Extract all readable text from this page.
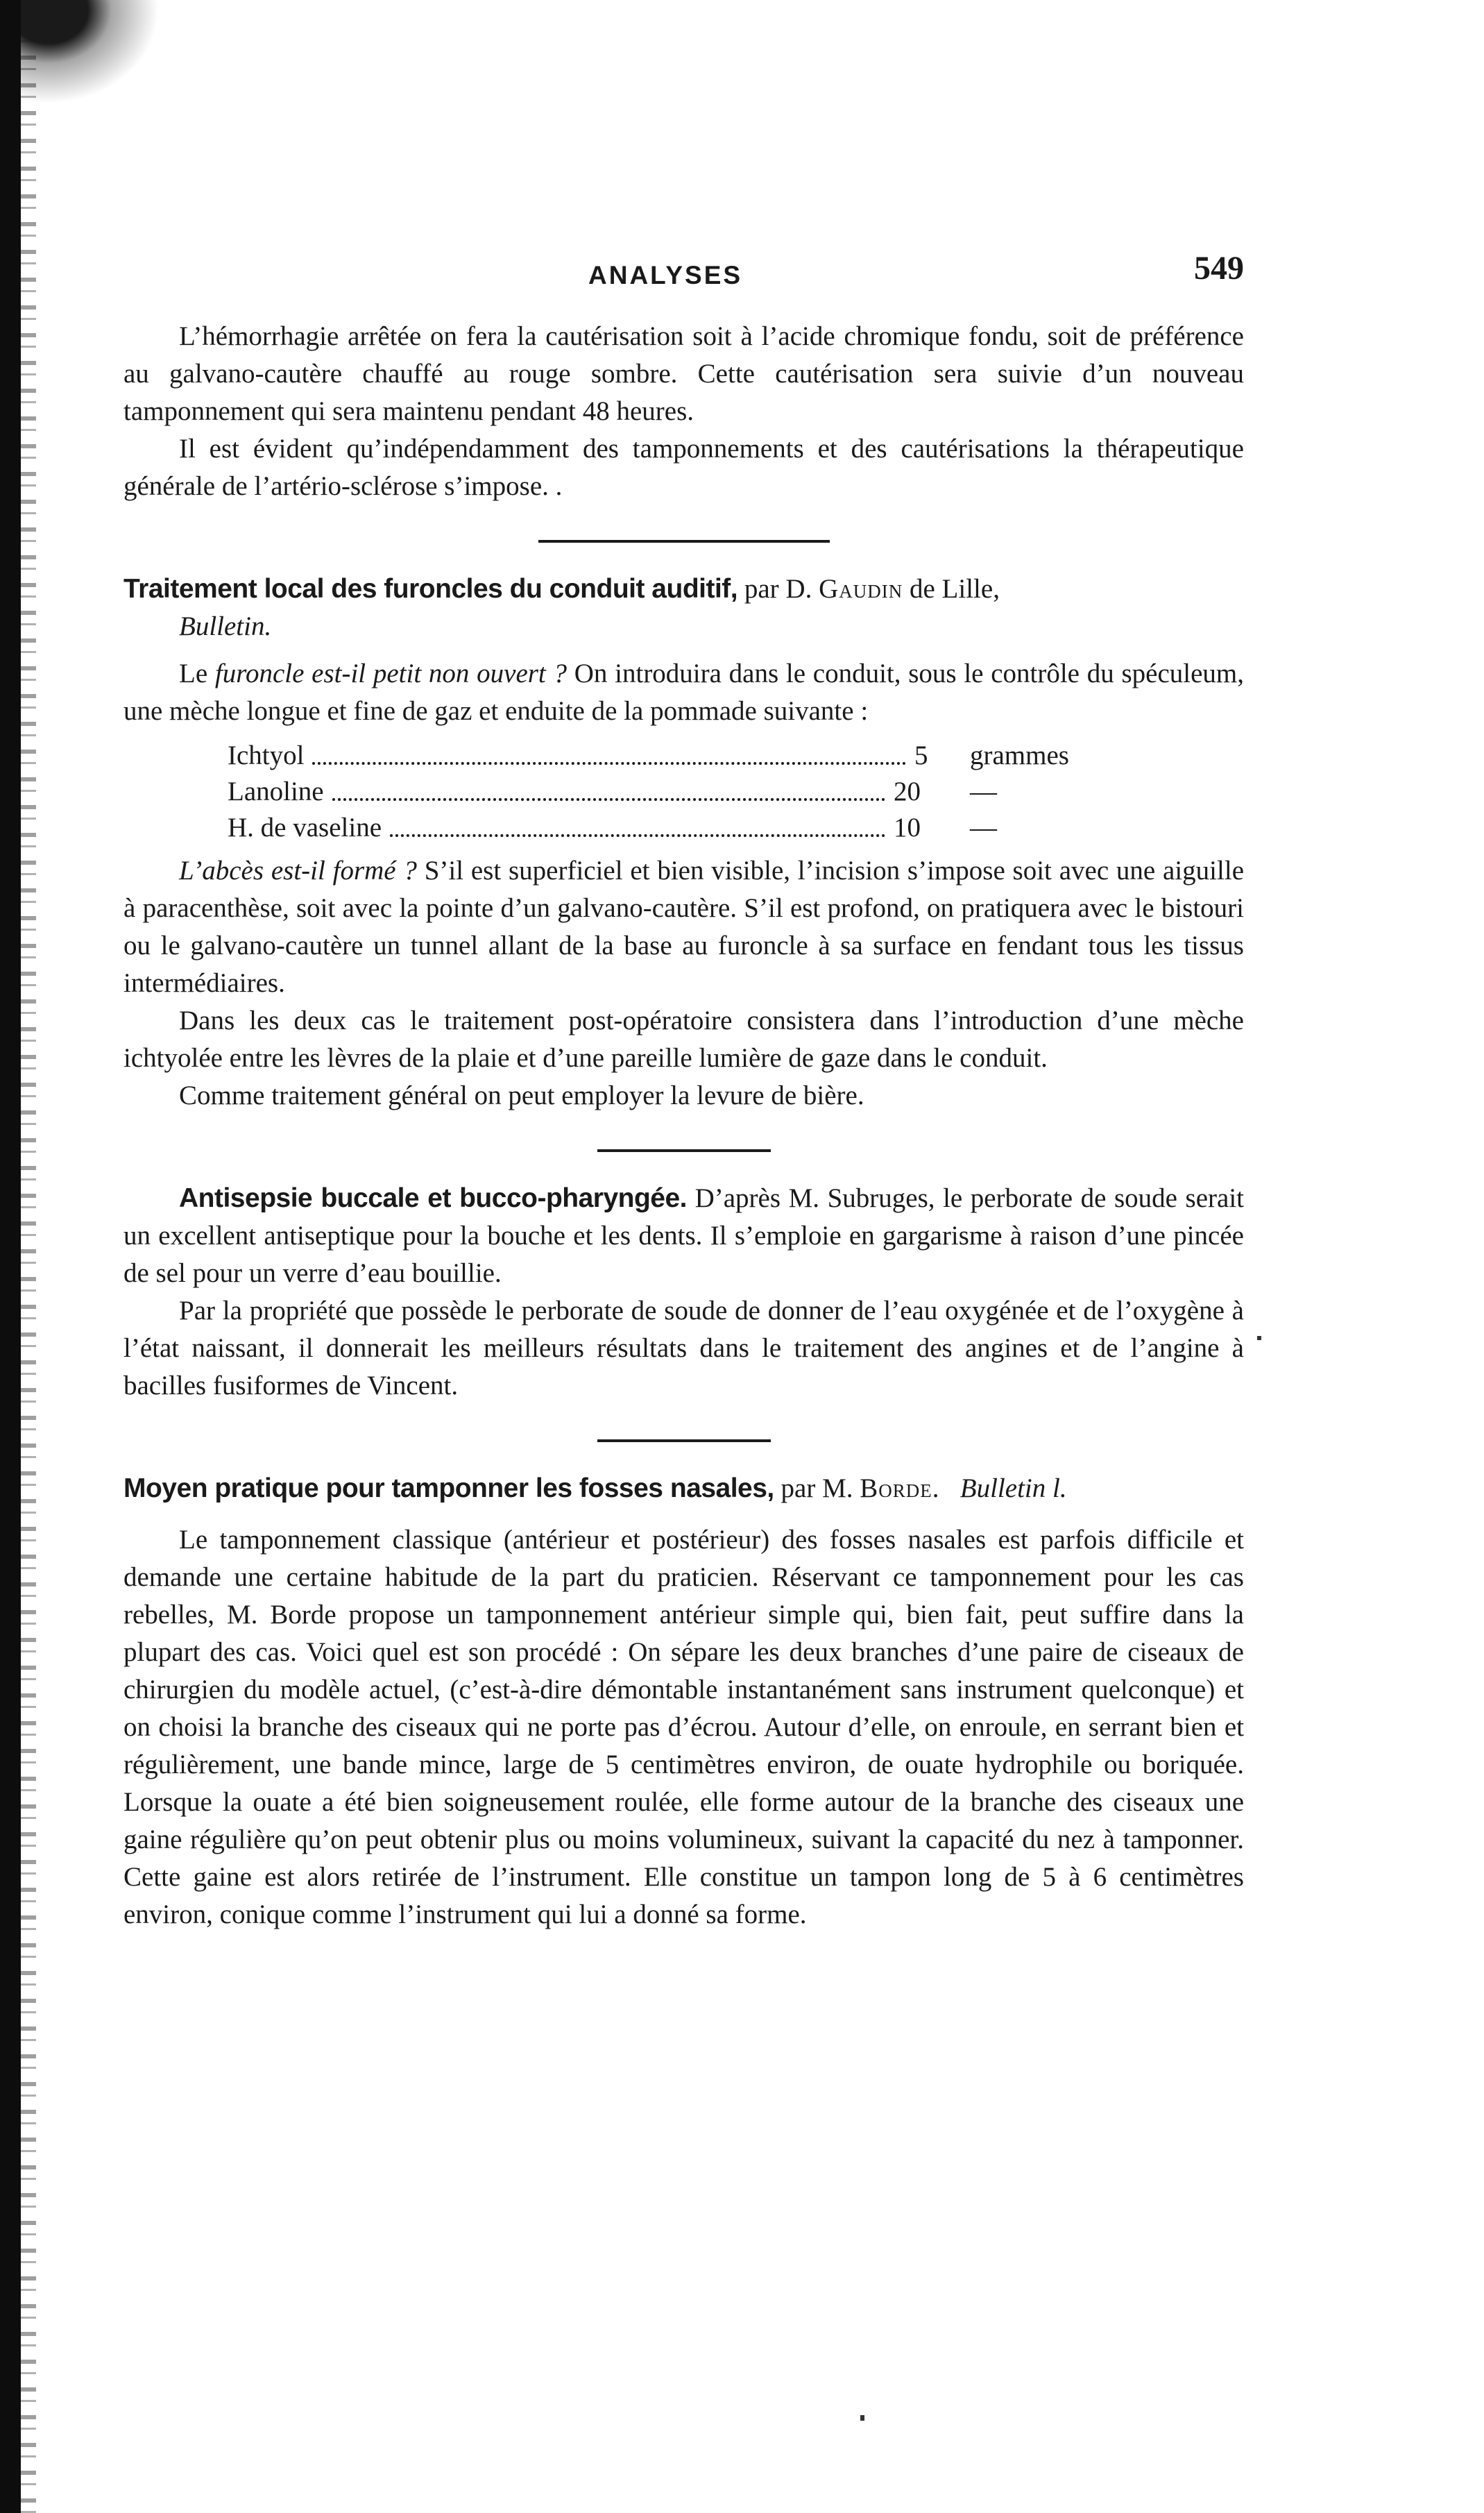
ANALYSES	549

L’hémorrhagie arrêtée on fera la cautérisation soit à l’acide chromique fondu, soit de préférence au galvano-cautère chauffé au rouge sombre. Cette cautérisation sera suivie d’un nouveau tamponnement qui sera maintenu pendant 48 heures.

Il est évident qu’indépendamment des tamponnements et des cautérisations la thérapeutique générale de l’artério-sclérose s’impose. .

Traitement local des furoncles du conduit auditif, par D. Gaudin de Lille,
Bulletin.

Le furoncle est-il petit non ouvert ? On introduira dans le conduit, sous le contrôle du spéculeum, une mèche longue et fine de gaz et enduite de la pommade suivante :

Ichtyol	5	grammes
Lanoline	20	—
H. de vaseline	10	—

L’abcès est-il formé ? S’il est superficiel et bien visible, l’incision s’impose soit avec une aiguille à paracenthèse, soit avec la pointe d’un galvano-cautère. S’il est profond, on pratiquera avec le bistouri ou le galvano-cautère un tunnel allant de la base au furoncle à sa surface en fendant tous les tissus intermédiaires.

Dans les deux cas le traitement post-opératoire consistera dans l’introduction d’une mèche ichtyolée entre les lèvres de la plaie et d’une pareille lumière de gaze dans le conduit.

Comme traitement général on peut employer la levure de bière.

Antisepsie buccale et bucco-pharyngée. D’après M. Subruges, le perborate de soude serait un excellent antiseptique pour la bouche et les dents. Il s’emploie en gargarisme à raison d’une pincée de sel pour un verre d’eau bouillie.

Par la propriété que possède le perborate de soude de donner de l’eau oxygénée et de l’oxygène à l’état naissant, il donnerait les meilleurs résultats dans le traitement des angines et de l’angine à bacilles fusiformes de Vincent.

Moyen pratique pour tamponner les fosses nasales, par M. Borde. Bulletin l.

Le tamponnement classique (antérieur et postérieur) des fosses nasales est parfois difficile et demande une certaine habitude de la part du praticien. Réservant ce tamponnement pour les cas rebelles, M. Borde propose un tamponnement antérieur simple qui, bien fait, peut suffire dans la plupart des cas. Voici quel est son procédé : On sépare les deux branches d’une paire de ciseaux de chirurgien du modèle actuel, (c’est-à-dire démontable instantanément sans instrument quelconque) et on choisi la branche des ciseaux qui ne porte pas d’écrou. Autour d’elle, on enroule, en serrant bien et régulièrement, une bande mince, large de 5 centimètres environ, de ouate hydrophile ou boriquée. Lorsque la ouate a été bien soigneusement roulée, elle forme autour de la branche des ciseaux une gaine régulière qu’on peut obtenir plus ou moins volumineux, suivant la capacité du nez à tamponner. Cette gaine est alors retirée de l’instrument. Elle constitue un tampon long de 5 à 6 centimètres environ, conique comme l’instrument qui lui a donné sa forme.
